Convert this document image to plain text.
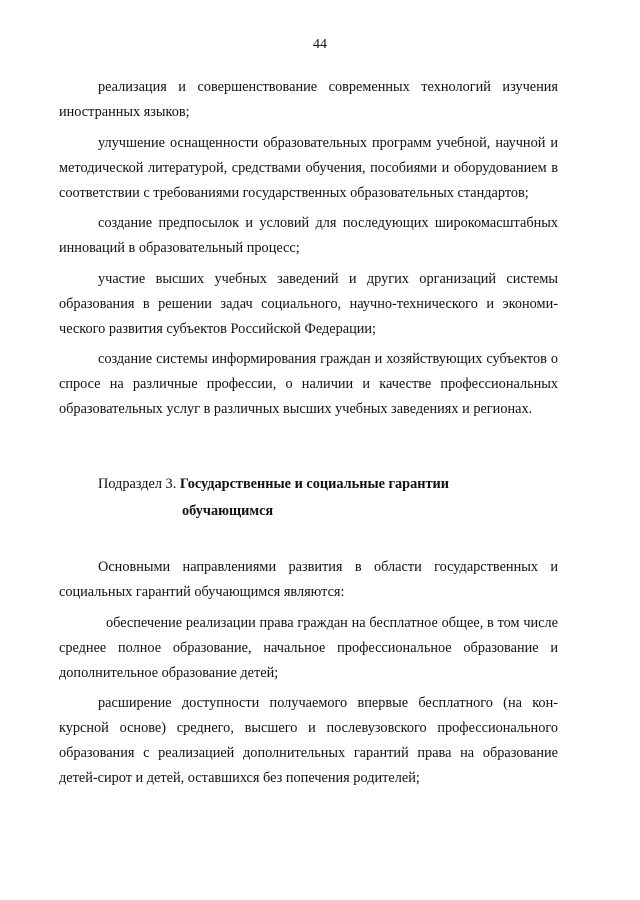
44

реализация и совершенствование современных технологий изучения иностранных языков;

улучшение оснащенности образовательных программ учебной, научной и методической литературой, средствами обучения, пособиями и оборудованием в соответствии с требованиями государственных образовательных стандартов;

создание предпосылок и условий для последующих широкомасштабных инноваций в образовательный процесс;

участие высших учебных заведений и других организаций системы образования в решении задач социального, научно-технического и экономического развития субъектов Российской Федерации;

создание системы информирования граждан и хозяйствующих субъектов о спросе на различные профессии, о наличии и качестве профессиональных образовательных услуг в различных высших учебных заведениях и регионах.

Подраздел 3. Государственные и социальные гарантии
обучающимся

Основными направлениями развития в области государственных и социальных гарантий обучающимся являются:

обеспечение реализации права граждан на бесплатное общее, в том числе среднее полное образование, начальное профессиональное образование и дополнительное образование детей;

расширение доступности получаемого впервые бесплатного (на конкурсной основе) среднего, высшего и послевузовского профессионального образования с реализацией дополнительных гарантий права на образование детей-сирот и детей, оставшихся без попечения родителей;
